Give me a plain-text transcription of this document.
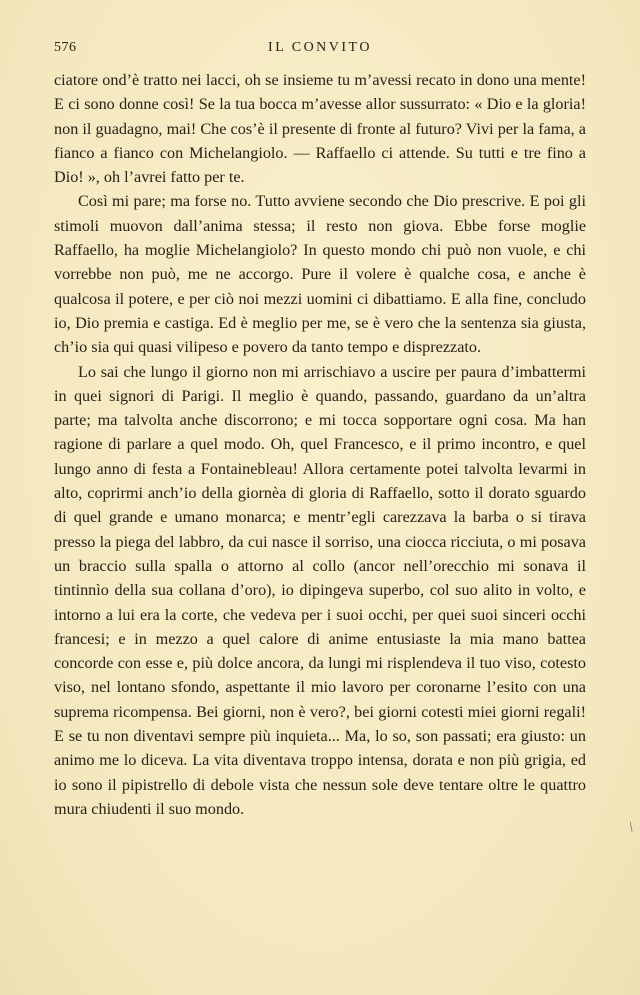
576	IL CONVITO

ciatore ond’è tratto nei lacci, oh se insieme tu m’avessi recato in dono una mente! E ci sono donne così! Se la tua bocca m’avesse allor sussurrato: « Dio e la gloria! non il guadagno, mai! Che cos’è il presente di fronte al futuro? Vivi per la fama, a fianco a fianco con Michelangiolo. — Raffaello ci attende. Su tutti e tre fino a Dio! », oh l’avrei fatto per te.

Così mi pare; ma forse no. Tutto avviene secondo che Dio prescrive. E poi gli stimoli muovon dall’anima stessa; il resto non giova. Ebbe forse moglie Raffaello, ha moglie Michelangiolo? In questo mondo chi può non vuole, e chi vorrebbe non può, me ne accorgo. Pure il volere è qualche cosa, e anche è qualcosa il potere, e per ciò noi mezzi uomini ci dibattiamo. E alla fine, concludo io, Dio premia e castiga. Ed è meglio per me, se è vero che la sentenza sia giusta, ch’io sia qui quasi vilipeso e povero da tanto tempo e disprezzato.

Lo sai che lungo il giorno non mi arrischiavo a uscire per paura d’imbattermi in quei signori di Parigi. Il meglio è quando, passando, guardano da un’altra parte; ma talvolta anche discorrono; e mi tocca sopportare ogni cosa. Ma han ragione di parlare a quel modo. Oh, quel Francesco, e il primo incontro, e quel lungo anno di festa a Fontainebleau! Allora certamente potei talvolta levarmi in alto, coprirmi anch’io della giornèa di gloria di Raffaello, sotto il dorato sguardo di quel grande e umano monarca; e mentr’egli carezzava la barba o si tirava presso la piega del labbro, da cui nasce il sorriso, una ciocca ricciuta, o mi posava un braccio sulla spalla o attorno al collo (ancor nell’orecchio mi sonava il tintinnìo della sua collana d’oro), io dipingeva superbo, col suo alito in volto, e intorno a lui era la corte, che vedeva per i suoi occhi, per quei suoi sinceri occhi francesi; e in mezzo a quel calore di anime entusiaste la mia mano battea concorde con esse e, più dolce ancora, da lungi mi risplendeva il tuo viso, cotesto viso, nel lontano sfondo, aspettante il mio lavoro per coronarne l’esito con una suprema ricompensa. Bei giorni, non è vero?, bei giorni cotesti miei giorni regali! E se tu non diventavi sempre più inquieta... Ma, lo so, son passati; era giusto: un animo me lo diceva. La vita diventava troppo intensa, dorata e non più grigia, ed io sono il pipistrello di debole vista che nessun sole deve tentare oltre le quattro mura chiudenti il suo mondo.

/
